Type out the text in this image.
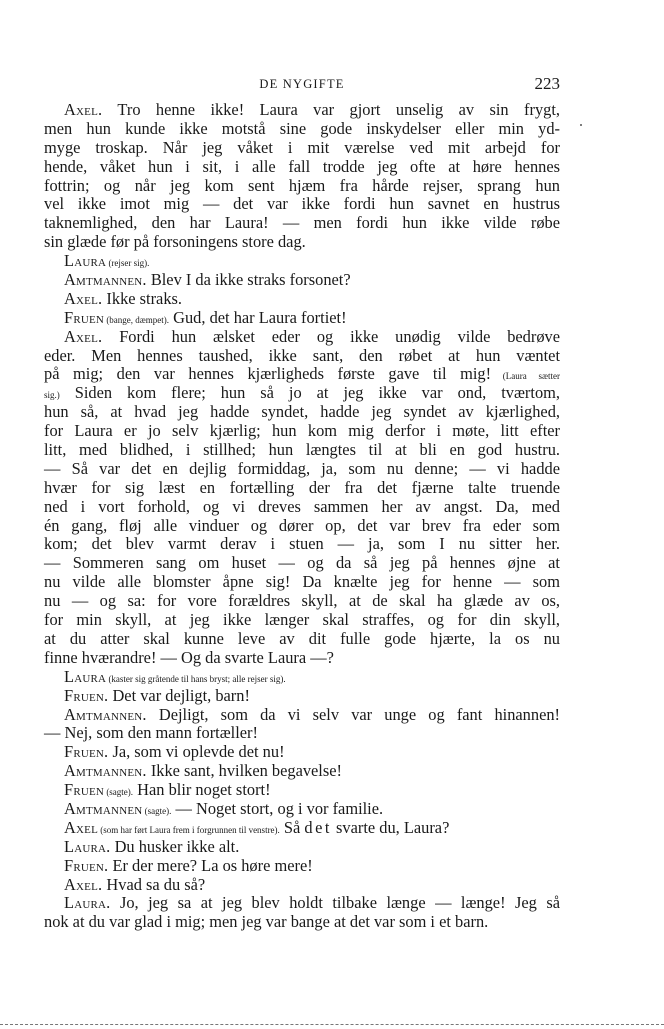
DE NYGIFTE	223
Axel. Tro henne ikke! Laura var gjort unselig av sin frygt,
men hun kunde ikke motstå sine gode inskydelser eller min yd-
myge troskap. Når jeg våket i mit værelse ved mit arbejd for
hende, våket hun i sit, i alle fall trodde jeg ofte at høre hennes
fottrin; og når jeg kom sent hjæm fra hårde rejser, sprang hun
vel ikke imot mig — det var ikke fordi hun savnet en hustrus
taknemlighed, den har Laura! — men fordi hun ikke vilde røbe
sin glæde før på forsoningens store dag.
Laura (rejser sig).
Amtmannen. Blev I da ikke straks forsonet?
Axel. Ikke straks.
Fruen (bange, dæmpet). Gud, det har Laura fortiet!
Axel. Fordi hun ælsket eder og ikke unødig vilde bedrøve
eder. Men hennes taushed, ikke sant, den røbet at hun væntet
på mig; den var hennes kjærligheds første gave til mig! (Laura sætter
sig.) Siden kom flere; hun så jo at jeg ikke var ond, tværtom,
hun så, at hvad jeg hadde syndet, hadde jeg syndet av kjærlighed,
for Laura er jo selv kjærlig; hun kom mig derfor i møte, litt efter
litt, med blidhed, i stillhed; hun længtes til at bli en god hustru.
— Så var det en dejlig formiddag, ja, som nu denne; — vi hadde
hvær for sig læst en fortælling der fra det fjærne talte truende
ned i vort forhold, og vi dreves sammen her av angst. Da, med
én gang, fløj alle vinduer og dører op, det var brev fra eder som
kom; det blev varmt derav i stuen — ja, som I nu sitter her.
— Sommeren sang om huset — og da så jeg på hennes øjne at
nu vilde alle blomster åpne sig! Da knælte jeg for henne — som
nu — og sa: for vore forældres skyll, at de skal ha glæde av os,
for min skyll, at jeg ikke længer skal straffes, og for din skyll,
at du atter skal kunne leve av dit fulle gode hjærte, la os nu
finne hværandre! — Og da svarte Laura —?
Laura (kaster sig gråtende til hans bryst; alle rejser sig).
Fruen. Det var dejligt, barn!
Amtmannen. Dejligt, som da vi selv var unge og fant hinannen!
— Nej, som den mann fortæller!
Fruen. Ja, som vi oplevde det nu!
Amtmannen. Ikke sant, hvilken begavelse!
Fruen (sagte). Han blir noget stort!
Amtmannen (sagte). — Noget stort, og i vor familie.
Axel (som har ført Laura frem i forgrunnen til venstre). Så det svarte du, Laura?
Laura. Du husker ikke alt.
Fruen. Er der mere? La os høre mere!
Axel. Hvad sa du så?
Laura. Jo, jeg sa at jeg blev holdt tilbake længe — længe! Jeg så
nok at du var glad i mig; men jeg var bange at det var som i et barn.
